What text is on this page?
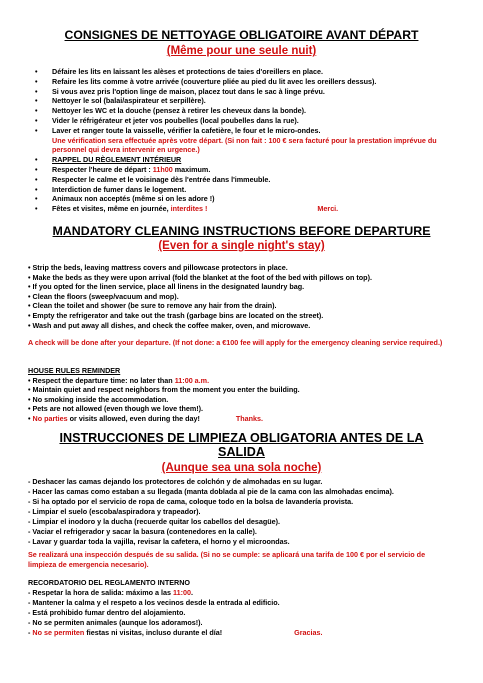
CONSIGNES DE NETTOYAGE OBLIGATOIRE AVANT DÉPART
(Même pour une seule nuit)
• Défaire les lits en laissant les alèses et protections de taies d'oreillers en place.
• Refaire les lits comme à votre arrivée (couverture pliée au pied du lit avec les oreillers dessus).
• Si vous avez pris l'option linge de maison, placez tout dans le sac à linge prévu.
• Nettoyer le sol (balai/aspirateur et serpillère).
• Nettoyer les WC et la douche (pensez à retirer les cheveux dans la bonde).
• Vider le réfrigérateur et jeter vos poubelles (local poubelles dans la rue).
• Laver et ranger toute la vaisselle, vérifier la cafetière, le four et le micro-ondes.
Une vérification sera effectuée après votre départ. (Si non fait : 100 € sera facturé pour la prestation imprévue du personnel qui devra intervenir en urgence.)
• RAPPEL DU RÈGLEMENT INTÉRIEUR
• Respecter l'heure de départ : 11h00 maximum.
• Respecter le calme et le voisinage dès l'entrée dans l'immeuble.
• Interdiction de fumer dans le logement.
• Animaux non acceptés (même si on les adore !)
• Fêtes et visites, même en journée, interdites !	Merci.
MANDATORY CLEANING INSTRUCTIONS BEFORE DEPARTURE
(Even for a single night's stay)
• Strip the beds, leaving mattress covers and pillowcase protectors in place.
• Make the beds as they were upon arrival (fold the blanket at the foot of the bed with pillows on top).
• If you opted for the linen service, place all linens in the designated laundry bag.
• Clean the floors (sweep/vacuum and mop).
• Clean the toilet and shower (be sure to remove any hair from the drain).
• Empty the refrigerator and take out the trash (garbage bins are located on the street).
• Wash and put away all dishes, and check the coffee maker, oven, and microwave.
A check will be done after your departure. (If not done: a €100 fee will apply for the emergency cleaning service required.)
HOUSE RULES REMINDER
• Respect the departure time: no later than 11:00 a.m.
• Maintain quiet and respect neighbors from the moment you enter the building.
• No smoking inside the accommodation.
• Pets are not allowed (even though we love them!).
• No parties or visits allowed, even during the day!	Thanks.
INSTRUCCIONES DE LIMPIEZA OBLIGATORIA ANTES DE LA
SALIDA
(Aunque sea una sola noche)
- Deshacer las camas dejando los protectores de colchón y de almohadas en su lugar.
- Hacer las camas como estaban a su llegada (manta doblada al pie de la cama con las almohadas encima).
- Si ha optado por el servicio de ropa de cama, coloque todo en la bolsa de lavandería provista.
- Limpiar el suelo (escoba/aspiradora y trapeador).
- Limpiar el inodoro y la ducha (recuerde quitar los cabellos del desagüe).
- Vaciar el refrigerador y sacar la basura (contenedores en la calle).
- Lavar y guardar toda la vajilla, revisar la cafetera, el horno y el microondas.
Se realizará una inspección después de su salida. (Si no se cumple: se aplicará una tarifa de 100 € por el servicio de limpieza de emergencia necesario).
RECORDATORIO DEL REGLAMENTO INTERNO
- Respetar la hora de salida: máximo a las 11:00.
- Mantener la calma y el respeto a los vecinos desde la entrada al edificio.
- Está prohibido fumar dentro del alojamiento.
- No se permiten animales (aunque los adoramos!).
- No se permiten fiestas ni visitas, incluso durante el día!	Gracias.
